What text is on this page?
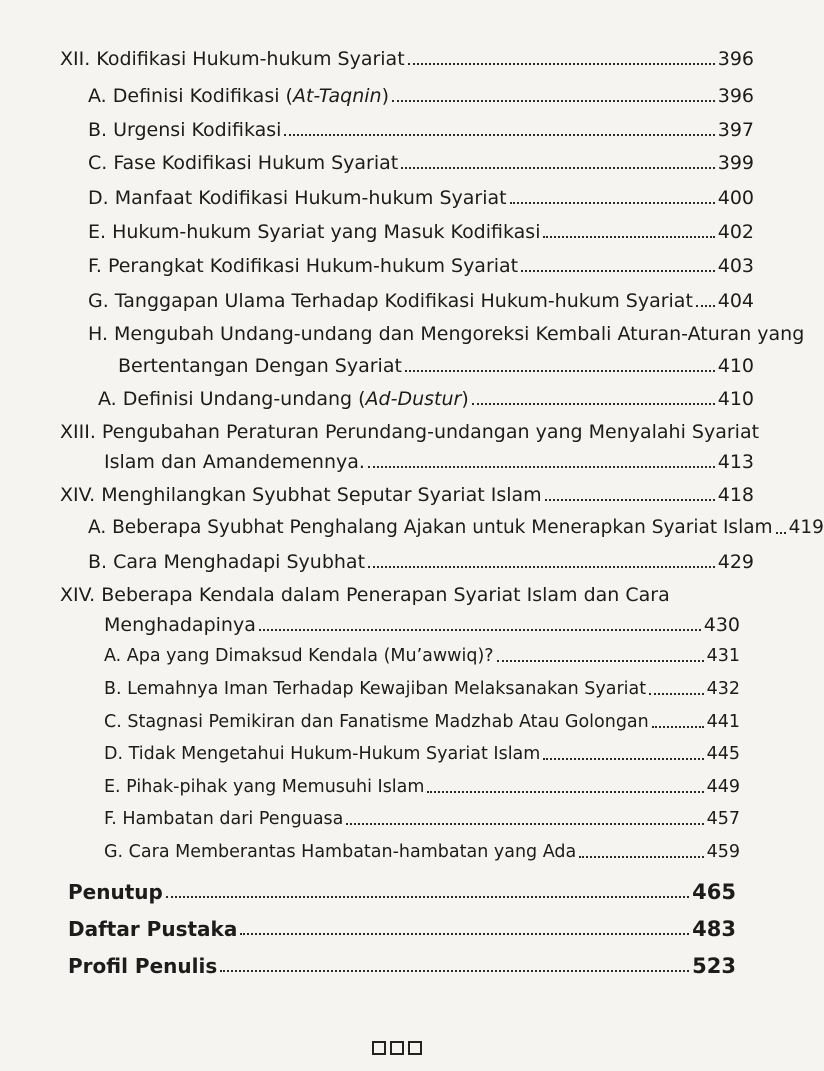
XII. Kodifikasi Hukum-hukum Syariat	396
A. Definisi Kodifikasi (At-Taqnin)	396
B. Urgensi Kodifikasi	397
C. Fase Kodifikasi Hukum Syariat	399
D. Manfaat Kodifikasi Hukum-hukum Syariat	400
E. Hukum-hukum Syariat yang Masuk Kodifikasi	402
F. Perangkat Kodifikasi Hukum-hukum Syariat	403
G. Tanggapan Ulama Terhadap Kodifikasi Hukum-hukum Syariat 404
H. Mengubah Undang-undang dan Mengoreksi Kembali Aturan-Aturan yang
Bertentangan Dengan Syariat	410
A. Definisi Undang-undang (Ad-Dustur)	410
XIII. Pengubahan Peraturan Perundang-undangan yang Menyalahi Syariat
Islam dan Amandemennya.	413
XIV. Menghilangkan Syubhat Seputar Syariat Islam	418
A. Beberapa Syubhat Penghalang Ajakan untuk Menerapkan Syariat Islam 419
B. Cara Menghadapi Syubhat	429
XIV. Beberapa Kendala dalam Penerapan Syariat Islam dan Cara
Menghadapinya	430
A. Apa yang Dimaksud Kendala (Mu’awwiq)?	431
B. Lemahnya Iman Terhadap Kewajiban Melaksanakan Syariat	432
C. Stagnasi Pemikiran dan Fanatisme Madzhab Atau Golongan	441
D. Tidak Mengetahui Hukum-Hukum Syariat Islam	445
E. Pihak-pihak yang Memusuhi Islam	449
F. Hambatan dari Penguasa	457
G. Cara Memberantas Hambatan-hambatan yang Ada	459
Penutup	465
Daftar Pustaka	483
Profil Penulis	523
